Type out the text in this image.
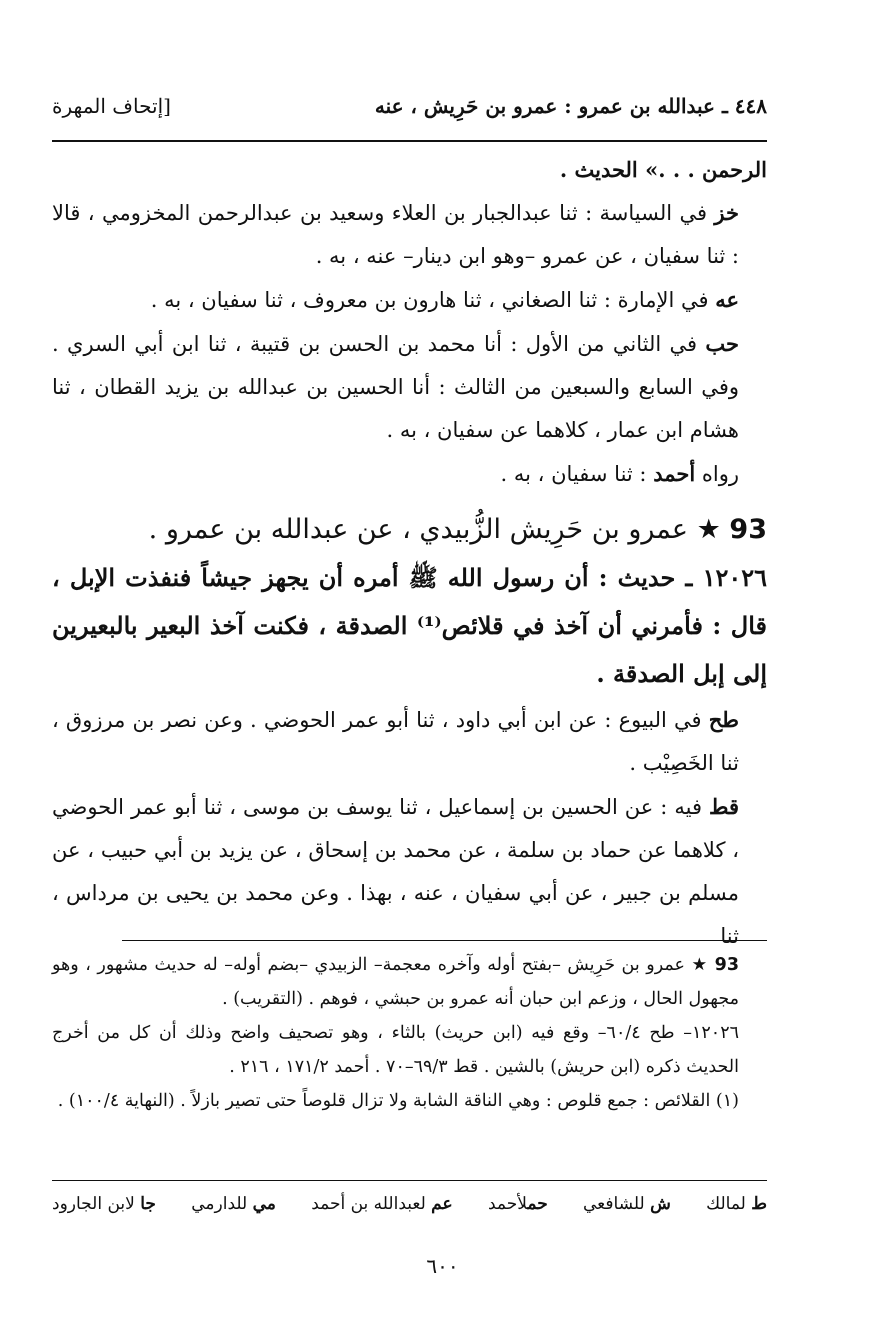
٤٤٨ ـ عبدالله بن عمرو : عمرو بن حَرِيش ، عنه
[إتحاف المهرة

الرحمن . . .» الحديث .

خز في السياسة : ثنا عبدالجبار بن العلاء وسعيد بن عبدالرحمن المخزومي ، قالا : ثنا سفيان ، عن عمرو –وهو ابن دينار– عنه ، به .

عه في الإمارة : ثنا الصغاني ، ثنا هارون بن معروف ، ثنا سفيان ، به .

حب في الثاني من الأول : أنا محمد بن الحسن بن قتيبة ، ثنا ابن أبي السري . وفي السابع والسبعين من الثالث : أنا الحسين بن عبدالله بن يزيد القطان ، ثنا هشام ابن عمار ، كلاهما عن سفيان ، به .

رواه أحمد : ثنا سفيان ، به .

93 ★ عمرو بن حَرِيش الزُّبيدي ، عن عبدالله بن عمرو .

١٢٠٢٦ ـ حديث : أن رسول الله ﷺ أمره أن يجهز جيشاً فنفذت الإبل ، قال : فأمرني أن آخذ في قلائص⁽¹⁾ الصدقة ، فكنت آخذ البعير بالبعيرين إلى إبل الصدقة .

طح في البيوع : عن ابن أبي داود ، ثنا أبو عمر الحوضي . وعن نصر بن مرزوق ، ثنا الخَصِيْب .

قط فيه : عن الحسين بن إسماعيل ، ثنا يوسف بن موسى ، ثنا أبو عمر الحوضي ، كلاهما عن حماد بن سلمة ، عن محمد بن إسحاق ، عن يزيد بن أبي حبيب ، عن مسلم بن جبير ، عن أبي سفيان ، عنه ، بهذا . وعن محمد بن يحيى بن مرداس ، ثنا

93 ★ عمرو بن حَرِيش –بفتح أوله وآخره معجمة– الزبيدي –بضم أوله– له حديث مشهور ، وهو مجهول الحال ، وزعم ابن حبان أنه عمرو بن حبشي ، فوهم . (التقريب) .

١٢٠٢٦– طح ٦٠/٤– وقع فيه (ابن حريث) بالثاء ، وهو تصحيف واضح وذلك أن كل من أخرج الحديث ذكره (ابن حريش) بالشين . قط ٦٩/٣–٧٠ . أحمد ١٧١/٢ ، ٢١٦ .

(١) القلائص : جمع قلوص : وهي الناقة الشابة ولا تزال قلوصاً حتى تصير بازلاً . (النهاية ١٠٠/٤) .

ط لمالك
ش للشافعي
حملأحمد
عم لعبدالله بن أحمد
مي للدارمي
جا لابن الجارود
٦٠٠
